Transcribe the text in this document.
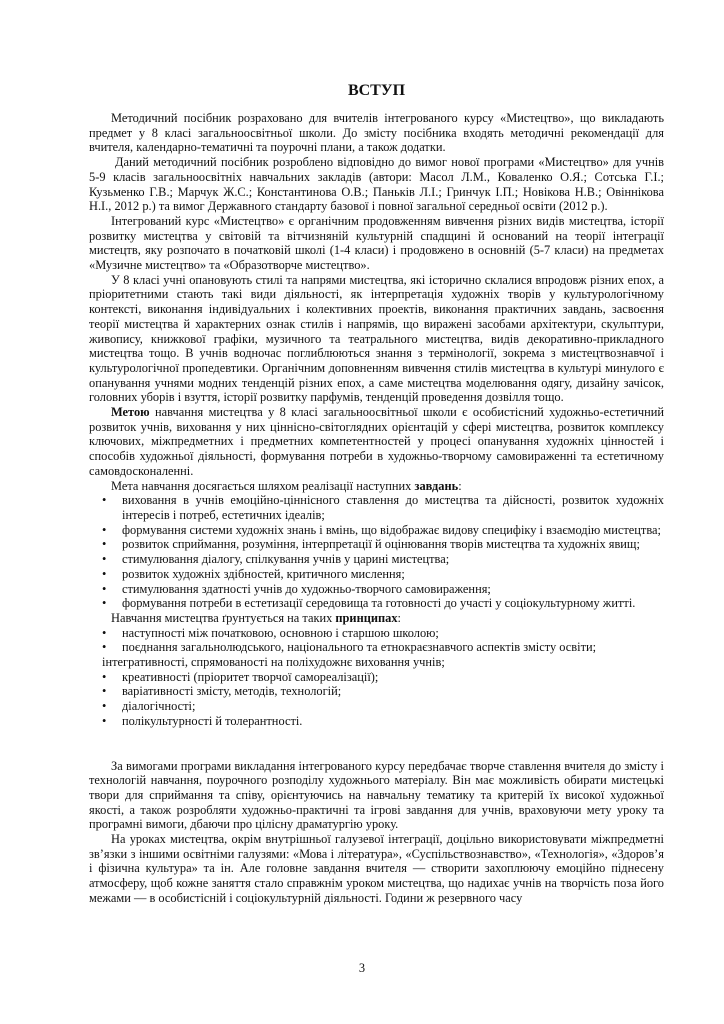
ВСТУП

Методичний посібник розраховано для вчителів інтегрованого курсу «Мистецтво», що викладають предмет у 8 класі загальноосвітньої школи. До змісту посібника входять методичні рекомендації для вчителя, календарно-тематичні та поурочні плани, а також додатки.

Даний методичний посібник розроблено відповідно до вимог нової програми «Мистецтво» для учнів 5-9 класів загальноосвітніх навчальних закладів (автори: Масол Л.М., Коваленко О.Я.; Сотська Г.І.; Кузьменко Г.В.; Марчук Ж.С.; Константинова О.В.; Паньків Л.І.; Гринчук І.П.; Новікова Н.В.; Овіннікова Н.І., 2012 р.) та вимог Державного стандарту базової і повної загальної середньої освіти (2012 р.).

Інтегрований курс «Мистецтво» є органічним продовженням вивчення різних видів мистецтва, історії розвитку мистецтва у світовій та вітчизняній культурній спадщині й оснований на теорії інтеграції мистецтв, яку розпочато в початковій школі (1-4 класи) і продовжено в основній (5-7 класи) на предметах «Музичне мистецтво» та «Образотворче мистецтво».

У 8 класі учні опановують стилі та напрями мистецтва, які історично склалися впродовж різних епох, а пріоритетними стають такі види діяльності, як інтерпретація художніх творів у культурологічному контексті, виконання індивідуальних і колективних проектів, виконання практичних завдань, засвоєння теорії мистецтва й характерних ознак стилів і напрямів, що виражені засобами архітектури, скульптури, живопису, книжкової графіки, музичного та театрального мистецтва, видів декоративно-прикладного мистецтва тощо. В учнів водночас поглиблюються знання з термінології, зокрема з мистецтвознавчої і культурологічної пропедевтики. Органічним доповненням вивчення стилів мистецтва в культурі минулого є опанування учнями модних тенденцій різних епох, а саме мистецтва моделювання одягу, дизайну зачісок, головних уборів і взуття, історії розвитку парфумів, тенденцій проведення дозвілля тощо.

Метою навчання мистецтва у 8 класі загальноосвітньої школи є особистісний художньо-естетичний розвиток учнів, виховання у них ціннісно-світоглядних орієнтацій у сфері мистецтва, розвиток комплексу ключових, міжпредметних і предметних компетентностей у процесі опанування художніх цінностей і способів художньої діяльності, формування потреби в художньо-творчому самовираженні та естетичному самовдосконаленні.

Мета навчання досягається шляхом реалізації наступних завдань:

• виховання в учнів емоційно-ціннісного ставлення до мистецтва та дійсності, розвиток художніх інтересів і потреб, естетичних ідеалів;
• формування системи художніх знань і вмінь, що відображає видову специфіку і взаємодію мистецтва;
• розвиток сприймання, розуміння, інтерпретації й оцінювання творів мистецтва та художніх явищ;
• стимулювання діалогу, спілкування учнів у царині мистецтва;
• розвиток художніх здібностей, критичного мислення;
• стимулювання здатності учнів до художньо-творчого самовираження;
• формування потреби в естетизації середовища та готовності до участі у соціокультурному житті.

Навчання мистецтва ґрунтується на таких принципах:

• наступності між початковою, основною і старшою школою;
• поєднання загальнолюдського, національного та етнокраєзнавчого аспектів змісту освіти;

інтегративності, спрямованості на поліхудожнє виховання учнів;

• креативності (пріоритет творчої самореалізації);
• варіативності змісту, методів, технологій;
• діалогічності;
• полікультурності й толерантності.

За вимогами програми викладання інтегрованого курсу передбачає творче ставлення вчителя до змісту і технологій навчання, поурочного розподілу художнього матеріалу. Він має можливість обирати мистецькі твори для сприймання та співу, орієнтуючись на навчальну тематику та критерій їх високої художньої якості, а також розробляти художньо-практичні та ігрові завдання для учнів, враховуючи мету уроку та програмні вимоги, дбаючи про цілісну драматургію уроку.

На уроках мистецтва, окрім внутрішньої галузевої інтеграції, доцільно використовувати міжпредметні зв’язки з іншими освітніми галузями: «Мова і література», «Суспільствознавство», «Технологія», «Здоров’я і фізична культура» та ін. Але головне завдання вчителя — створити захоплюючу емоційно піднесену атмосферу, щоб кожне заняття стало справжнім уроком мистецтва, що надихає учнів на творчість поза його межами — в особистісній і соціокультурній діяльності. Години ж резервного часу

3
